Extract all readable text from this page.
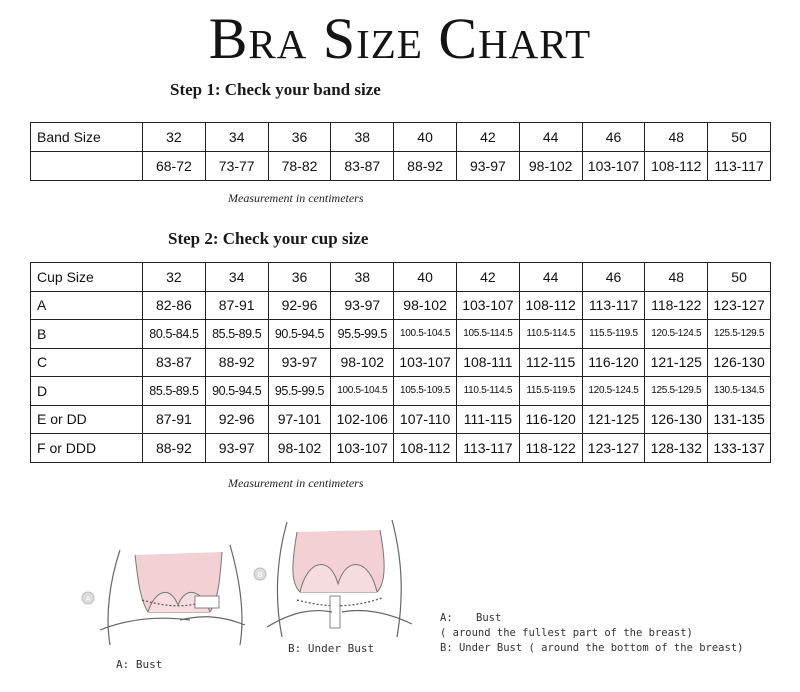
Bra Size Chart
Step 1: Check your band size
Band Size	32	34	36	38	40	42	44	46	48	50
	68-72	73-77	78-82	83-87	88-92	93-97	98-102	103-107	108-112	113-117
Measurement in centimeters
Step 2: Check your cup size
Cup Size	32	34	36	38	40	42	44	46	48	50
A	82-86	87-91	92-96	93-97	98-102	103-107	108-112	113-117	118-122	123-127
B	80.5-84.5	85.5-89.5	90.5-94.5	95.5-99.5	100.5-104.5	105.5-114.5	110.5-114.5	115.5-119.5	120.5-124.5	125.5-129.5
C	83-87	88-92	93-97	98-102	103-107	108-111	112-115	116-120	121-125	126-130
D	85.5-89.5	90.5-94.5	95.5-99.5	100.5-104.5	105.5-109.5	110.5-114.5	115.5-119.5	120.5-124.5	125.5-129.5	130.5-134.5
E or DD	87-91	92-96	97-101	102-106	107-110	111-115	116-120	121-125	126-130	131-135
F or DDD	88-92	93-97	98-102	103-107	108-112	113-117	118-122	123-127	128-132	133-137
Measurement in centimeters
A
A: Bust
B
B: Under Bust
A: Bust( around the fullest part of the breast)
B: Under Bust ( around the bottom of the breast)
